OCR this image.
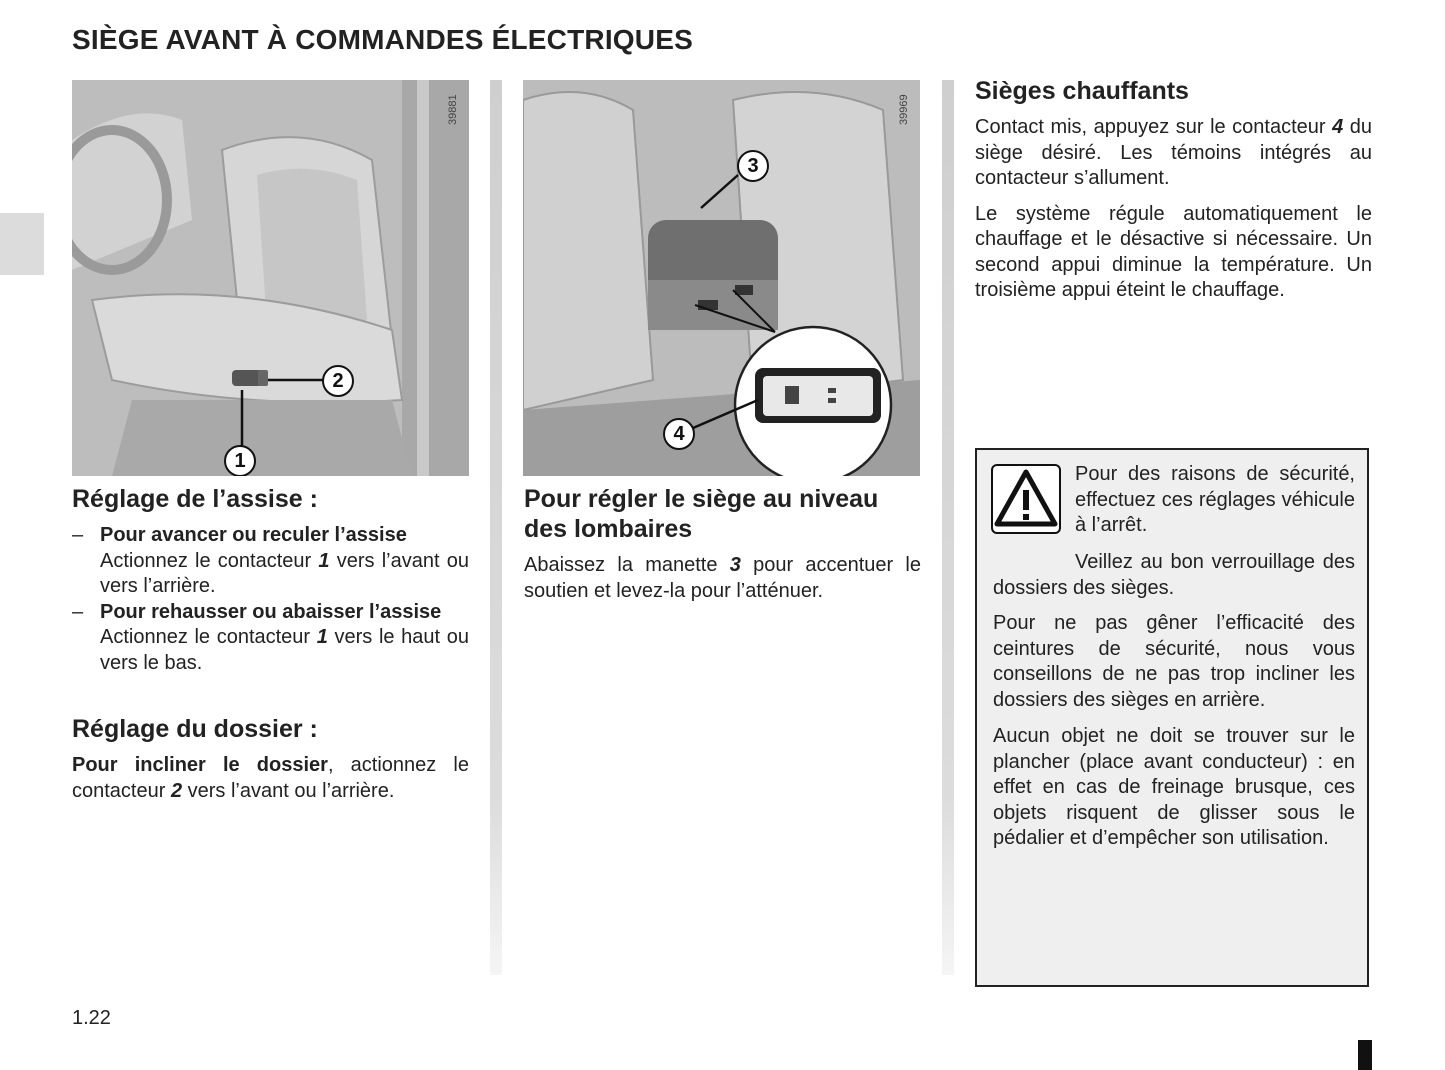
SIÈGE AVANT À COMMANDES ÉLECTRIQUES
39881
2
1
39969
3
4
Réglage de l’assise :
– Pour avancer ou reculer l’assise
Actionnez le contacteur 1 vers l’avant ou vers l’arrière.
– Pour rehausser ou abaisser l’assise
Actionnez le contacteur 1 vers le haut ou vers le bas.
Réglage du dossier :

Pour incliner le dossier, actionnez le contacteur 2 vers l’avant ou l’arrière.

Pour régler le siège au niveau des lombaires

Abaissez la manette 3 pour accentuer le soutien et levez-la pour l’atténuer.

Sièges chauffants

Contact mis, appuyez sur le contacteur 4 du siège désiré. Les témoins intégrés au contacteur s’allument.

Le système régule automatiquement le chauffage et le désactive si nécessaire. Un second appui diminue la température. Un troisième appui éteint le chauffage.

Pour des raisons de sécurité, effectuez ces réglages véhicule à l’arrêt.

Veillez au bon verrouillage des dossiers des sièges.

Pour ne pas gêner l’efficacité des ceintures de sécurité, nous vous conseillons de ne pas trop incliner les dossiers des sièges en arrière.

Aucun objet ne doit se trouver sur le plancher (place avant conducteur) : en effet en cas de freinage brusque, ces objets risquent de glisser sous le pédalier et d’empêcher son utilisation.

1.22
